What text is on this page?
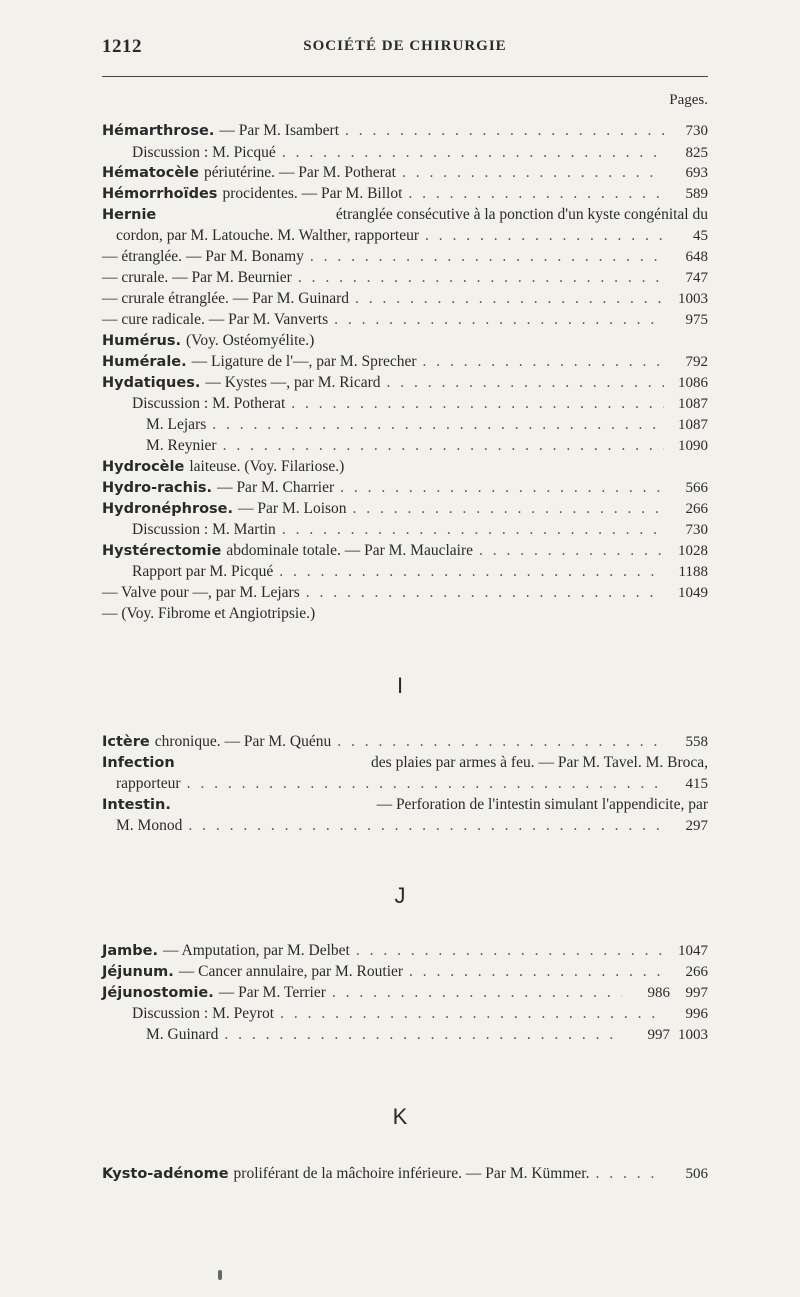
1212	SOCIÉTÉ DE CHIRURGIE
Pages.
Hémarthrose. — Par M. Isambert . . .	730
Discussion : M. Picqué . . .	825
Hématocèle périutérine. — Par M. Potherat . . .	693
Hémorrhoïdes procidentes. — Par M. Billot . . .	589
Hernie	étranglée consécutive à la ponction d'un kyste congénital du
cordon, par M. Latouche. M. Walther, rapporteur . . .	45
— étranglée. — Par M. Bonamy . . .	648
— crurale. — Par M. Beurnier . . .	747
— crurale étranglée. — Par M. Guinard . . .	1003
— cure radicale. — Par M. Vanverts . . .	975
Humérus. (Voy. Ostéomyélite.)
Humérale. — Ligature de l'—, par M. Sprecher . . .	792
Hydatiques. — Kystes —, par M. Ricard . . .	1086
Discussion : M. Potherat . . .	1087
M. Lejars . . .	1087
M. Reynier . . .	1090
Hydrocèle laiteuse. (Voy. Filariose.)
Hydro-rachis. — Par M. Charrier . . .	566
Hydronéphrose. — Par M. Loison . . .	266
Discussion : M. Martin . . .	730
Hystérectomie abdominale totale. — Par M. Mauclaire . . .	1028
Rapport par M. Picqué . . .	1188
— Valve pour —, par M. Lejars . . .	1049
— (Voy. Fibrome et Angiotripsie.)
I
Ictère chronique. — Par M. Quénu . . .	558
Infection	des plaies par armes à feu. — Par M. Tavel. M. Broca,
rapporteur . . .	415
Intestin.	— Perforation de l'intestin simulant l'appendicite, par
M. Monod . . .	297
J
Jambe. — Amputation, par M. Delbet . . .	1047
Jéjunum. — Cancer annulaire, par M. Routier . . .	266
Jéjunostomie. — Par M. Terrier . . .	986	997
Discussion : M. Peyrot . . .	996
M. Guinard . . .	997 1003
K
Kysto-adénome proliférant de la mâchoire inférieure. — Par M. Kümmer. . . .	506
